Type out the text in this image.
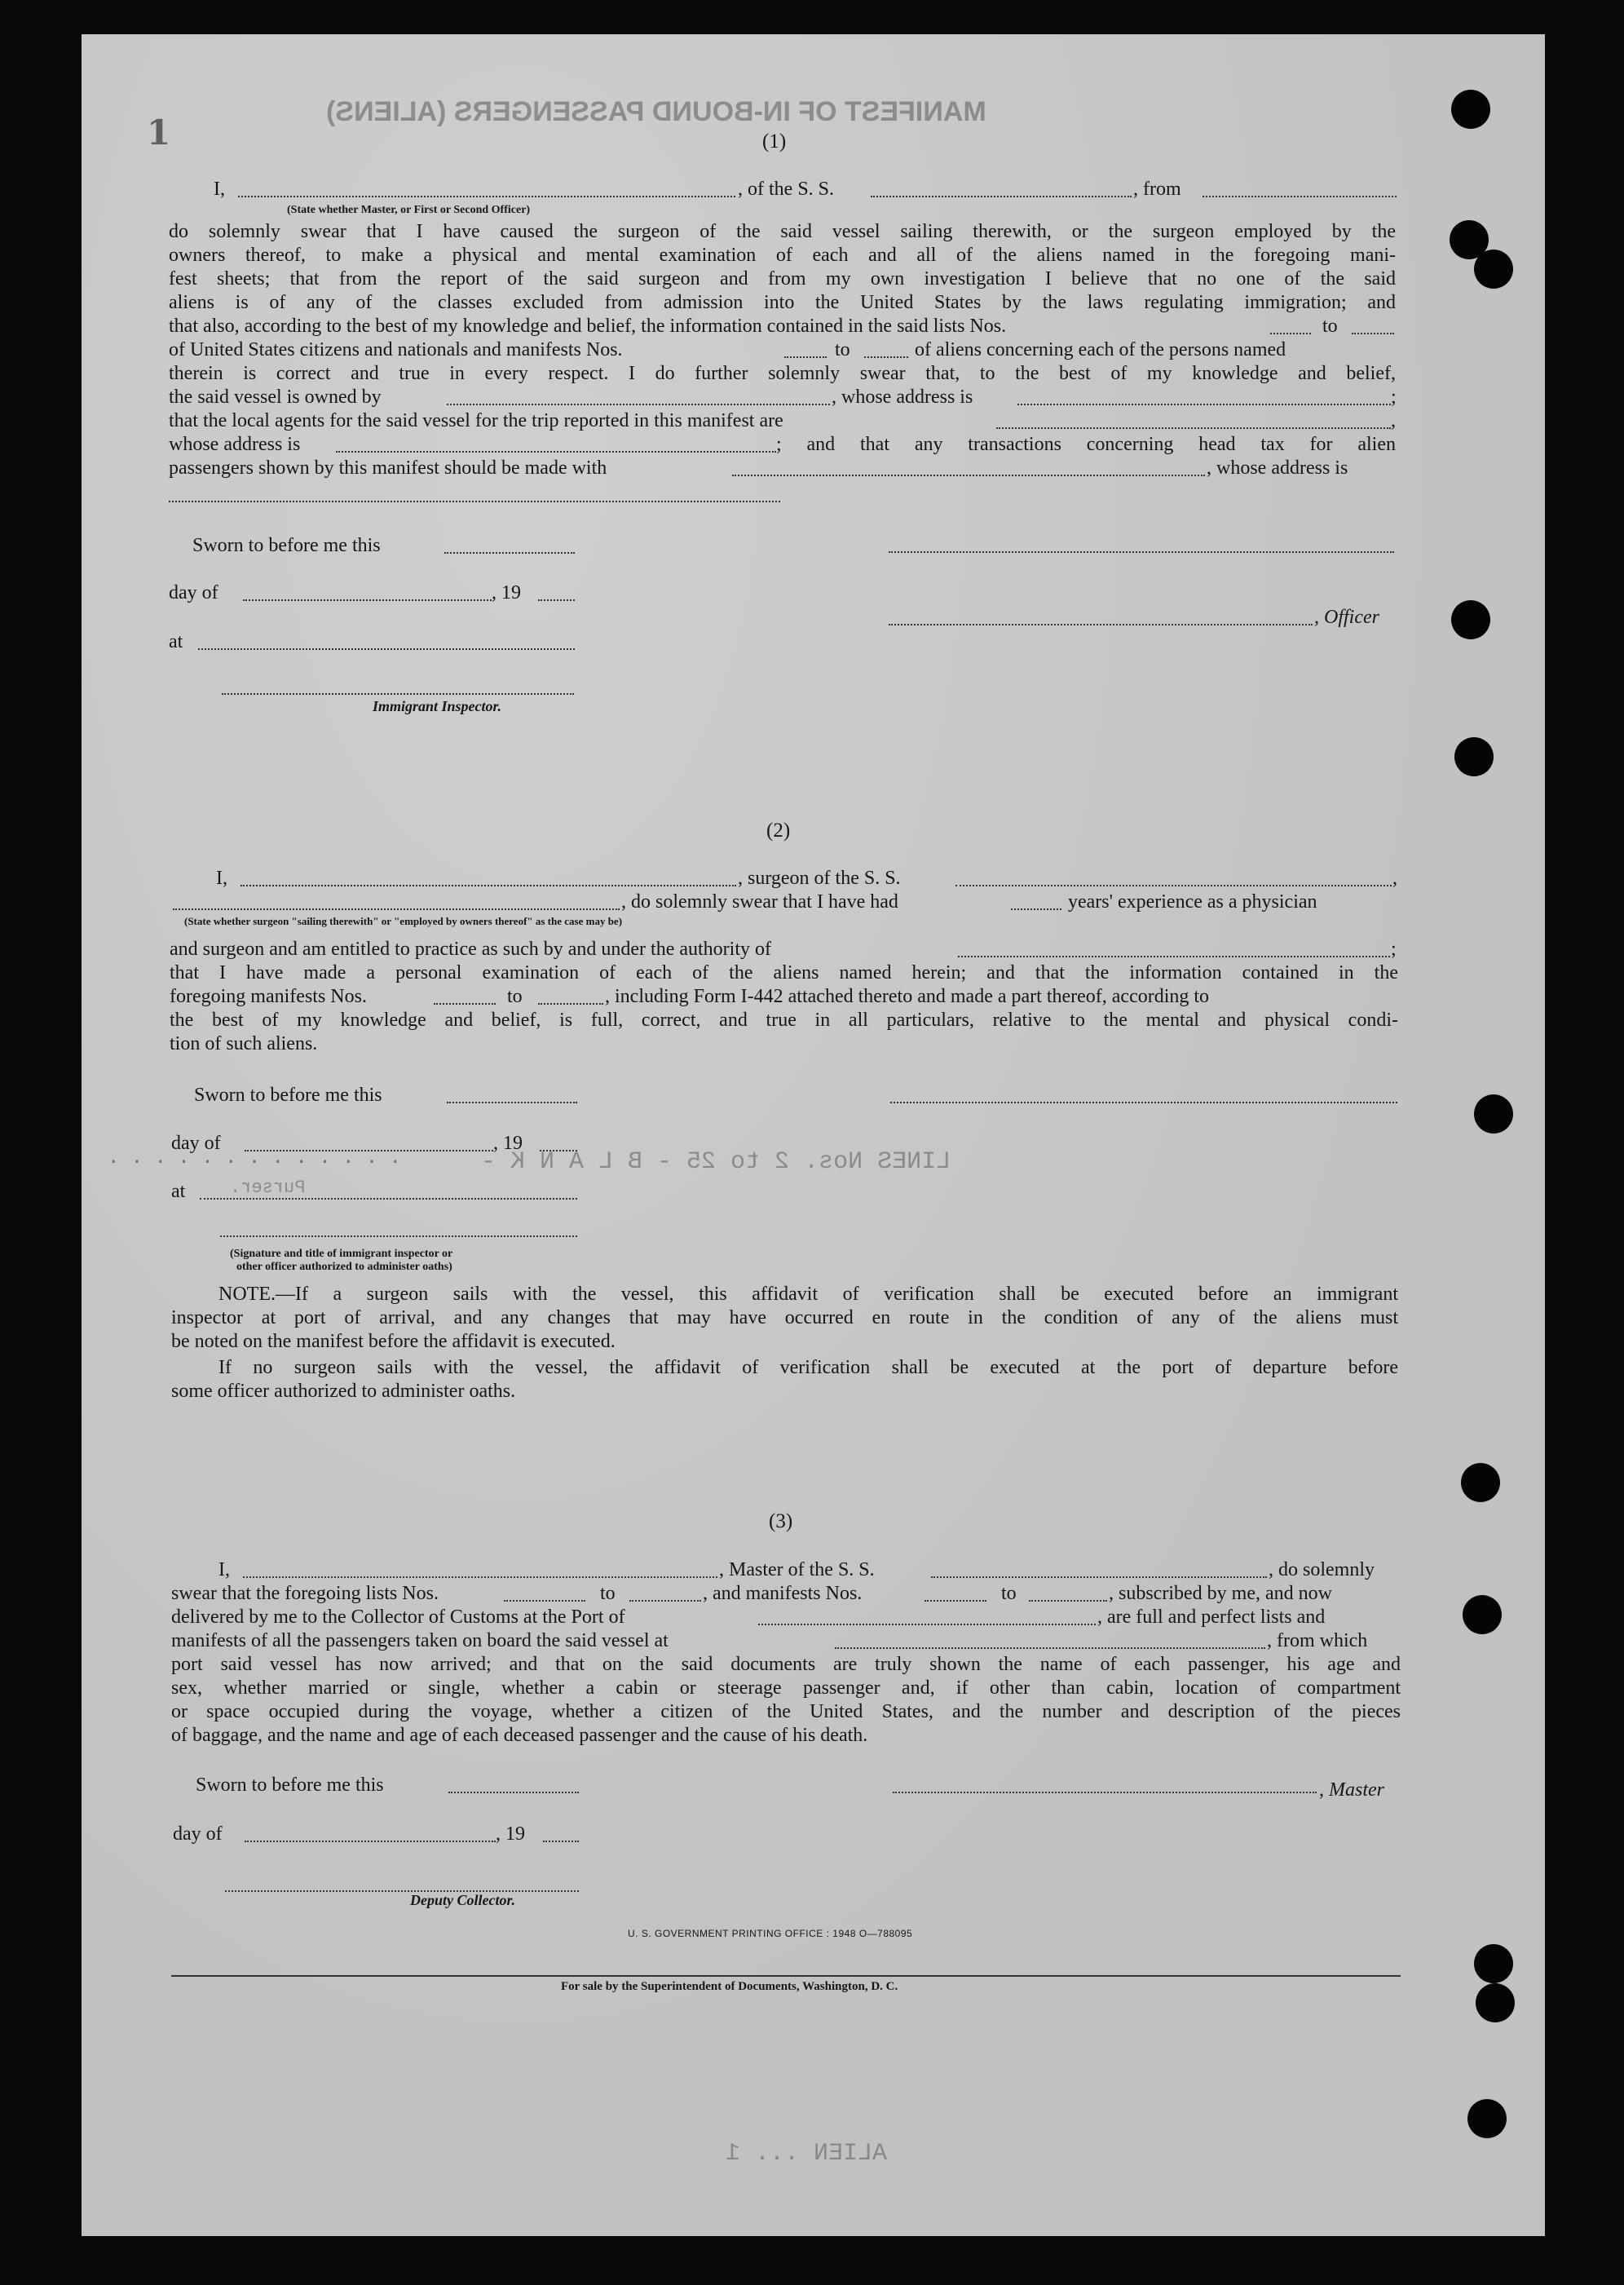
MANIFEST OF IN-BOUND PASSENGERS (ALIENS)
1
LINES Nos. 2 to 25 - B L A N K -
· · · · · · · · · · · · ·
Purser.
ALIEN ... 1
(1)
I,	, of the S. S.	, from
(State whether Master, or First or Second Officer)
do solemnly swear that I have caused the surgeon of the said vessel sailing therewith, or the surgeon employed by the
owners thereof, to make a physical and mental examination of each and all of the aliens named in the foregoing mani-
fest sheets; that from the report of the said surgeon and from my own investigation I believe that no one of the said
aliens is of any of the classes excluded from admission into the United States by the laws regulating immigration; and
that also, according to the best of my knowledge and belief, the information contained in the said lists Nos.	to
of United States citizens and nationals and manifests Nos.	to	of aliens concerning each of the persons named
therein is correct and true in every respect. I do further solemnly swear that, to the best of my knowledge and belief,
the said vessel is owned by	, whose address is	;
that the local agents for the said vessel for the trip reported in this manifest are	,
whose address is	; and that any transactions concerning head tax for alien
passengers shown by this manifest should be made with	, whose address is
Sworn to before me this
day of	, 19
, Officer
at
Immigrant Inspector.
(2)
I,	, surgeon of the S. S.	,
, do solemnly swear that I have had	years' experience as a physician
(State whether surgeon "sailing therewith" or "employed by owners thereof" as the case may be)
and surgeon and am entitled to practice as such by and under the authority of	;
that I have made a personal examination of each of the aliens named herein; and that the information contained in the
foregoing manifests Nos.	to	, including Form I-442 attached thereto and made a part thereof, according to
the best of my knowledge and belief, is full, correct, and true in all particulars, relative to the mental and physical condi-
tion of such aliens.
Sworn to before me this
day of	, 19
at
(Signature and title of immigrant inspector or
other officer authorized to administer oaths)
NOTE.—If a surgeon sails with the vessel, this affidavit of verification shall be executed before an immigrant
inspector at port of arrival, and any changes that may have occurred en route in the condition of any of the aliens must
be noted on the manifest before the affidavit is executed.
If no surgeon sails with the vessel, the affidavit of verification shall be executed at the port of departure before
some officer authorized to administer oaths.
(3)
I,	, Master of the S. S.	, do solemnly
swear that the foregoing lists Nos.	to	, and manifests Nos.	to	, subscribed by me, and now
delivered by me to the Collector of Customs at the Port of	, are full and perfect lists and
manifests of all the passengers taken on board the said vessel at	, from which
port said vessel has now arrived; and that on the said documents are truly shown the name of each passenger, his age and
sex, whether married or single, whether a cabin or steerage passenger and, if other than cabin, location of compartment
or space occupied during the voyage, whether a citizen of the United States, and the number and description of the pieces
of baggage, and the name and age of each deceased passenger and the cause of his death.
Sworn to before me this	, Master
day of	, 19
Deputy Collector.
U. S. GOVERNMENT PRINTING OFFICE : 1948 O—788095
For sale by the Superintendent of Documents, Washington, D. C.
